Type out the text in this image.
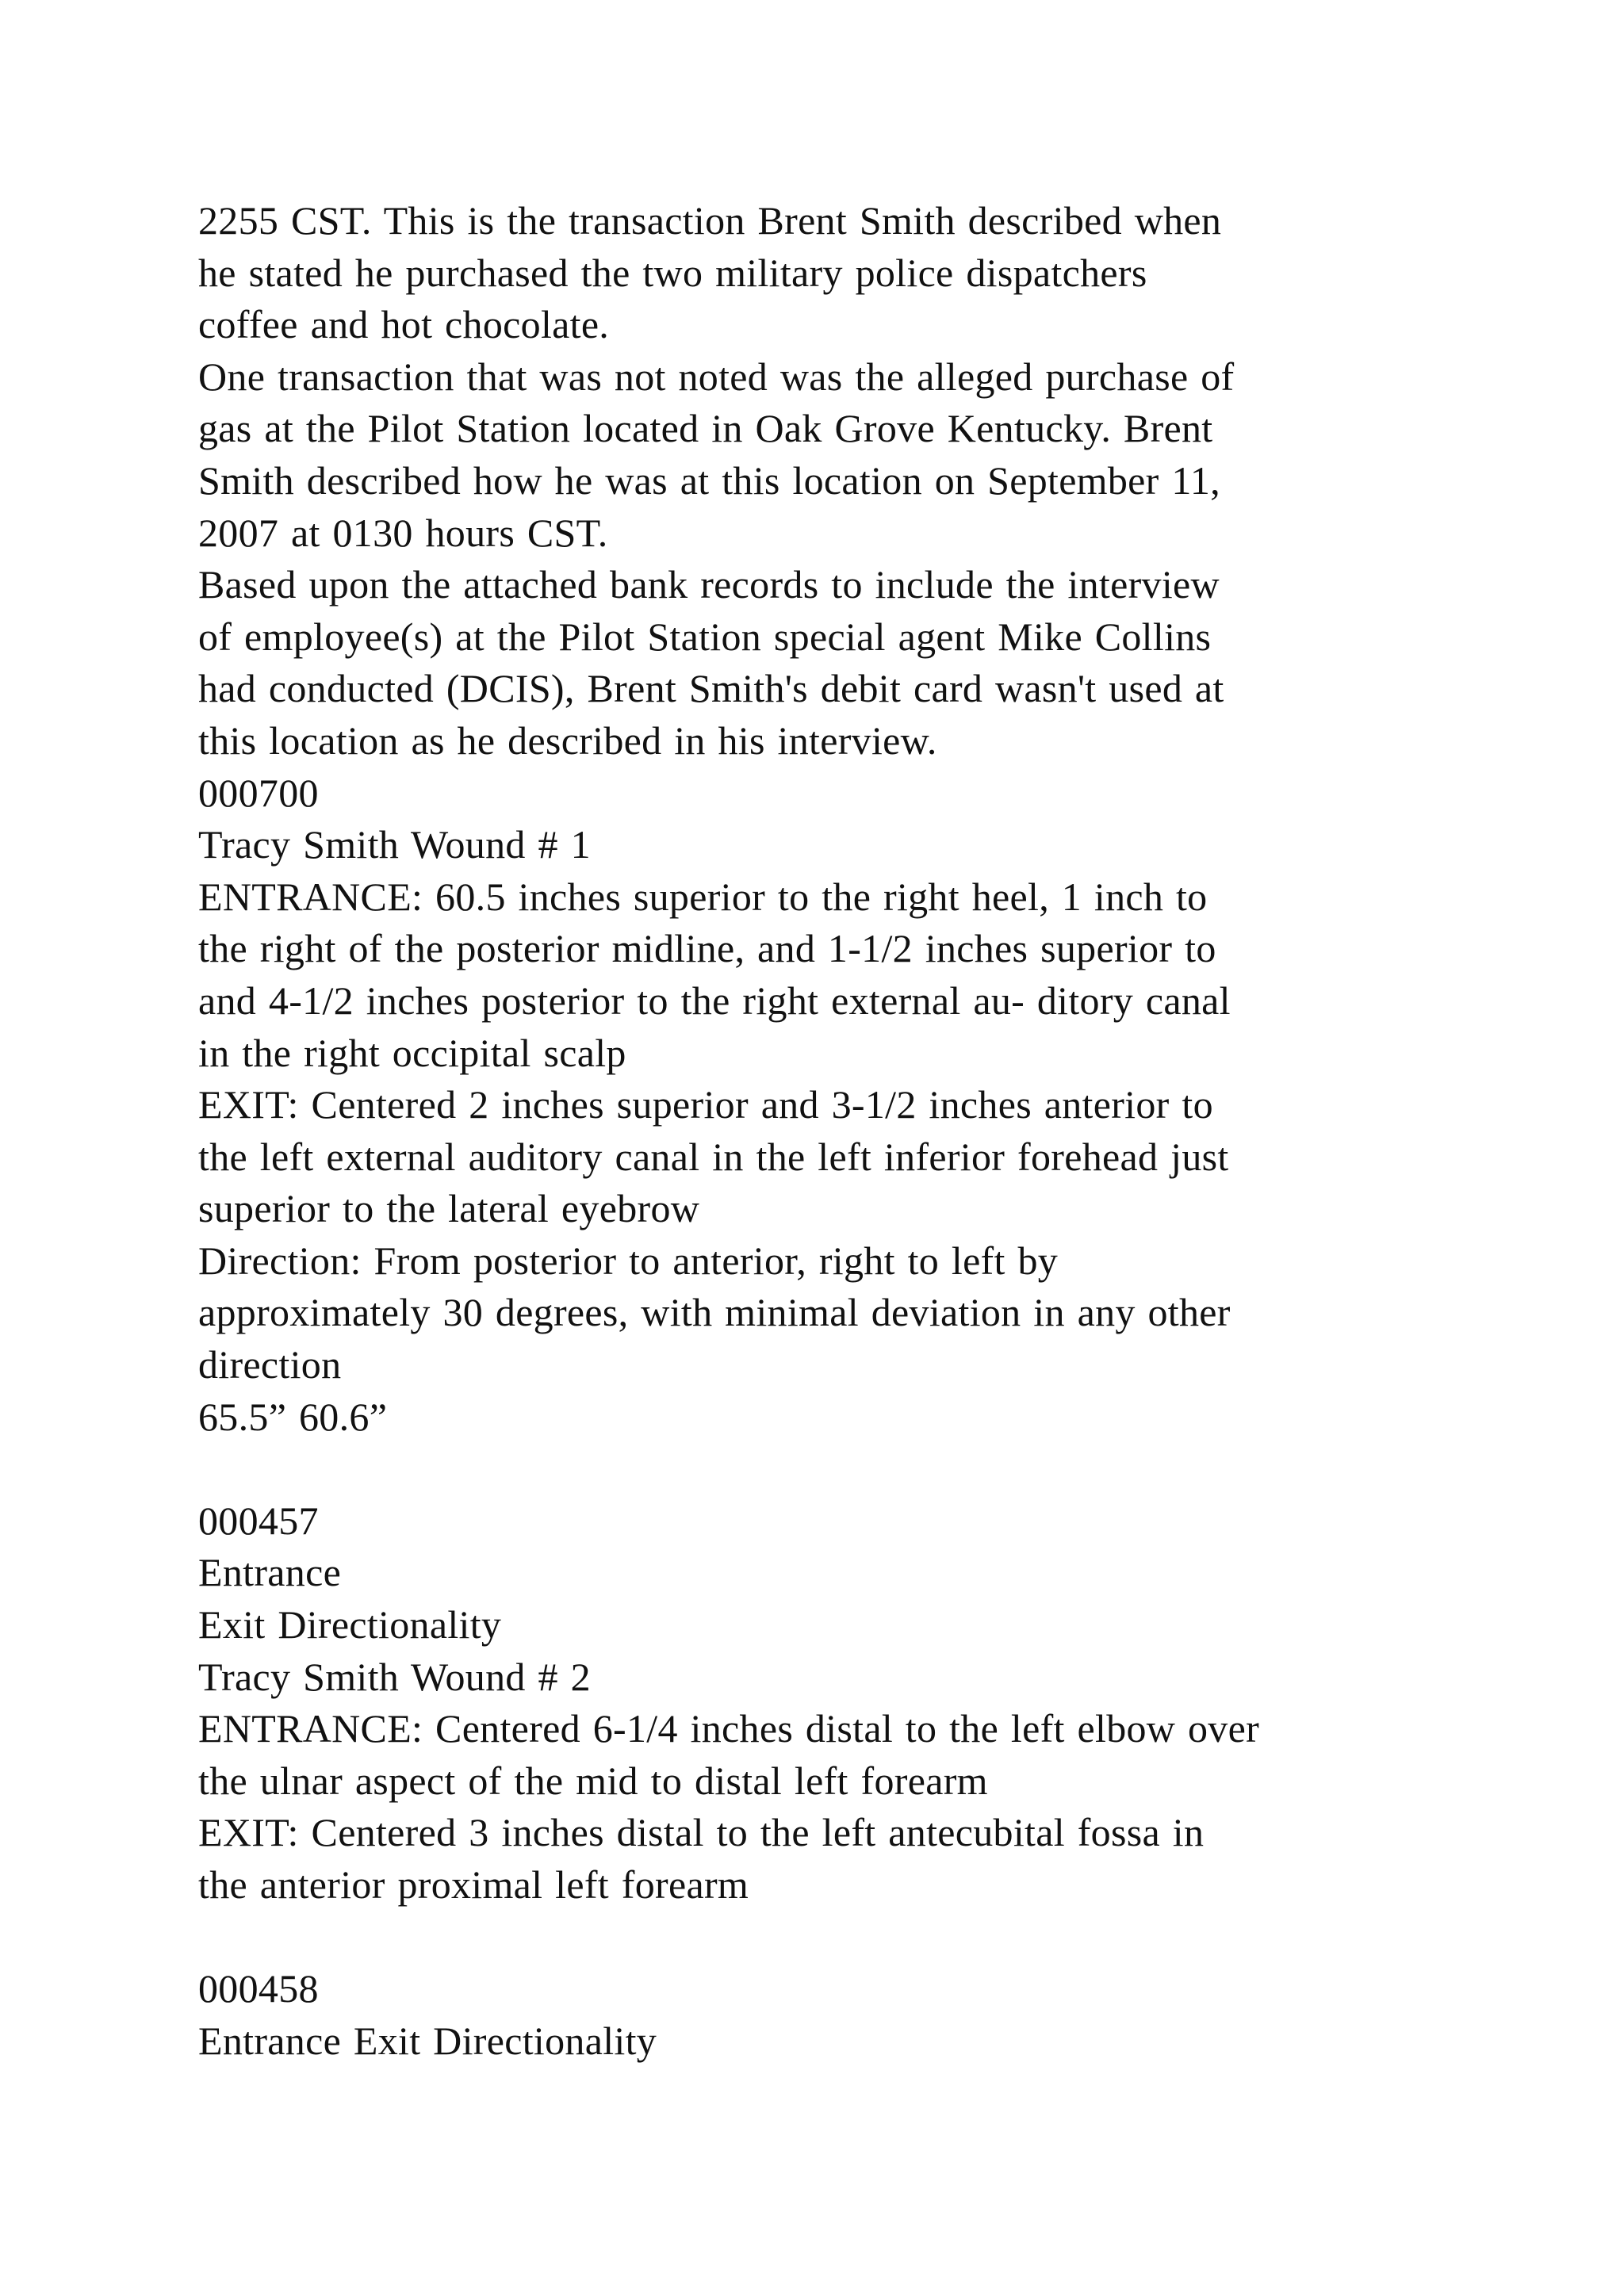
2255 CST. This is the transaction Brent Smith described when
he stated he purchased the two military police dispatchers
coffee and hot chocolate.
One transaction that was not noted was the alleged purchase of
gas at the Pilot Station located in Oak Grove Kentucky. Brent
Smith described how he was at this location on September 11,
2007 at 0130 hours CST.
Based upon the attached bank records to include the interview
of employee(s) at the Pilot Station special agent Mike Collins
had conducted (DCIS), Brent Smith's debit card wasn't used at
this location as he described in his interview.
000700
Tracy Smith Wound # 1
ENTRANCE: 60.5 inches superior to the right heel, 1 inch to
the right of the posterior midline, and 1-1/2 inches superior to
and 4-1/2 inches posterior to the right external au- ditory canal
in the right occipital scalp
EXIT: Centered 2 inches superior and 3-1/2 inches anterior to
the left external auditory canal in the left inferior forehead just
superior to the lateral eyebrow
Direction: From posterior to anterior, right to left by
approximately 30 degrees, with minimal deviation in any other
direction
65.5” 60.6”
000457
Entrance
Exit Directionality
Tracy Smith Wound # 2
ENTRANCE: Centered 6-1/4 inches distal to the left elbow over
the ulnar aspect of the mid to distal left forearm
EXIT: Centered 3 inches distal to the left antecubital fossa in
the anterior proximal left forearm
000458
Entrance Exit Directionality
